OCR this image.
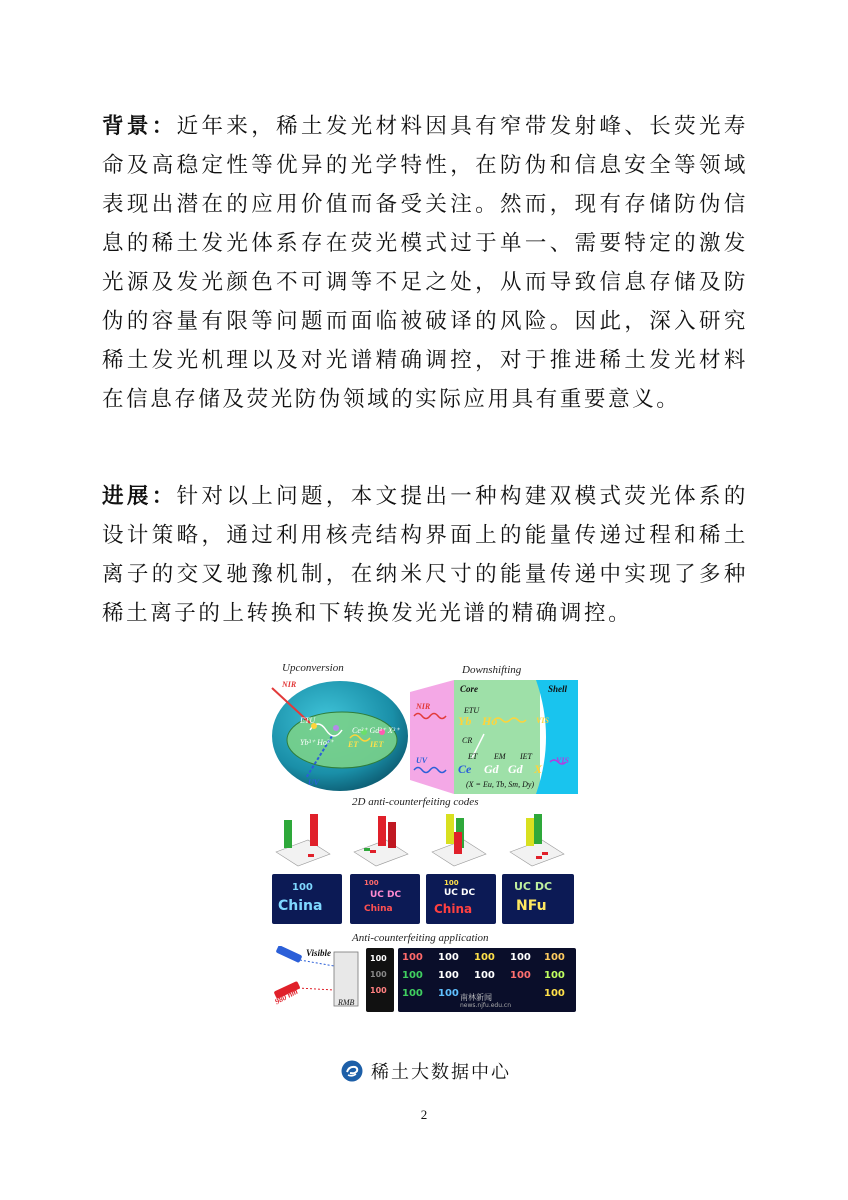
背景：近年来，稀土发光材料因具有窄带发射峰、长荧光寿命及高稳定性等优异的光学特性，在防伪和信息安全等领域表现出潜在的应用价值而备受关注。然而，现有存储防伪信息的稀土发光体系存在荧光模式过于单一、需要特定的激发光源及发光颜色不可调等不足之处，从而导致信息存储及防伪的容量有限等问题而面临被破译的风险。因此，深入研究稀土发光机理以及对光谱精确调控，对于推进稀土发光材料在信息存储及荧光防伪领域的实际应用具有重要意义。

进展：针对以上问题，本文提出一种构建双模式荧光体系的设计策略，通过利用核壳结构界面上的能量传递过程和稀土离子的交叉驰豫机制，在纳米尺寸的能量传递中实现了多种稀土离子的上转换和下转换发光光谱的精确调控。

Upconversion	Downshifting
ETU
Yb³⁺ Ho³⁺
Ce³⁺ Gd³⁺ X³⁺
ET IET
NIR
UV
Core	Shell
NIR
UV
ETU
Yb Ho	VIS
CR
ET EM IET
Ce Gd Gd X
VIS
(X = Eu, Tb, Sm, Dy)
2D anti-counterfeiting codes
100
China
100
UC DC
China
100
UC DC
China
UC DC
NFu
Anti-counterfeiting application
Visible
980 nm	RMB
100
100
100
100 100 100 100 100
100 100 100 100 100
100 100 南林新闻
news.njfu.edu.cn
100
稀土大数据中心
2
